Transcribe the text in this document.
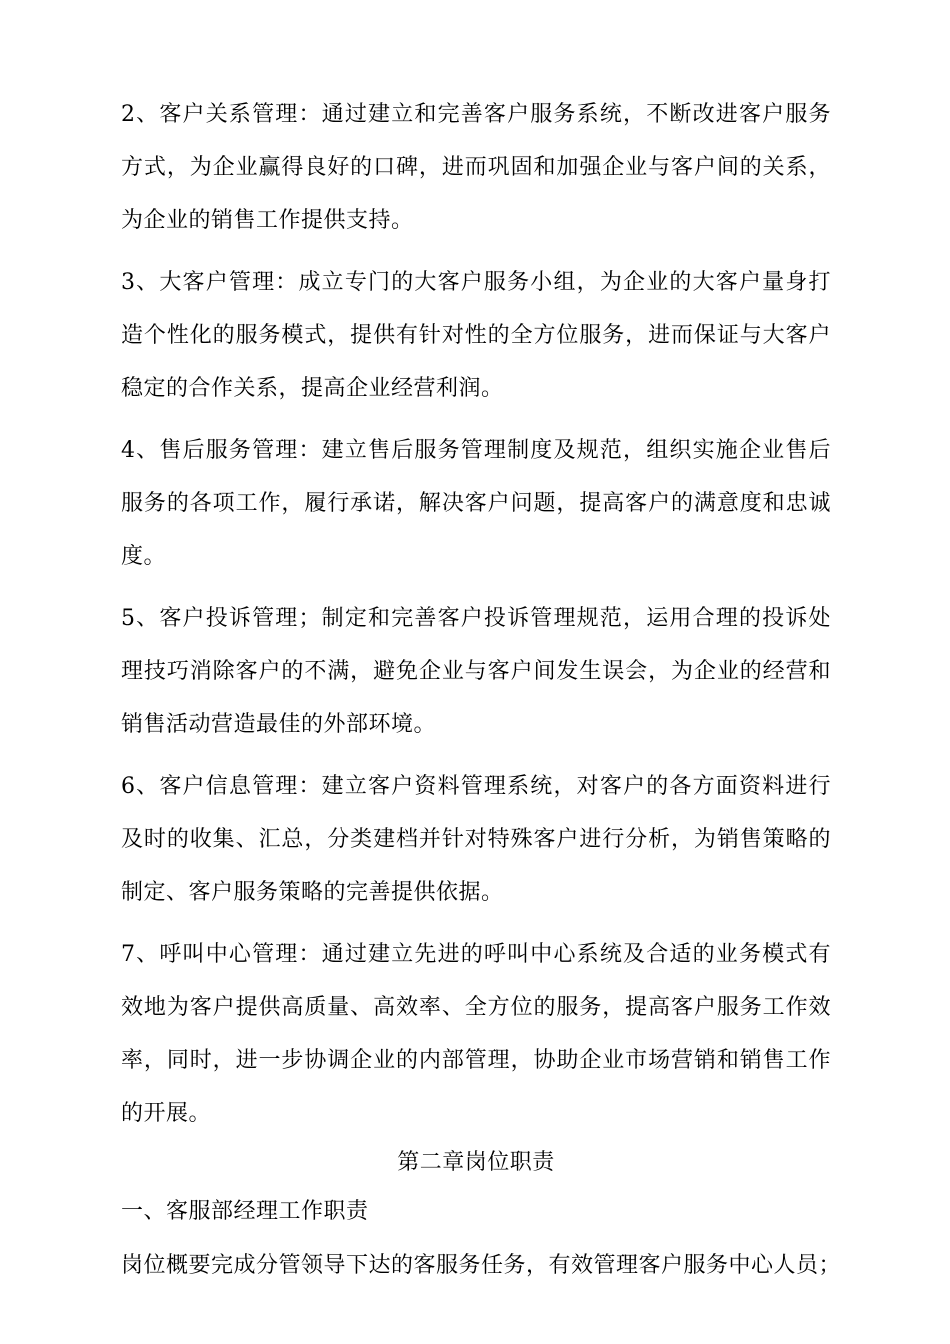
2、客户关系管理：通过建立和完善客户服务系统，不断改进客户服务方式，为企业赢得良好的口碑，进而巩固和加强企业与客户间的关系，为企业的销售工作提供支持。

3、大客户管理：成立专门的大客户服务小组，为企业的大客户量身打造个性化的服务模式，提供有针对性的全方位服务，进而保证与大客户稳定的合作关系，提高企业经营利润。

4、售后服务管理：建立售后服务管理制度及规范，组织实施企业售后服务的各项工作，履行承诺，解决客户问题，提高客户的满意度和忠诚度。

5、客户投诉管理；制定和完善客户投诉管理规范，运用合理的投诉处理技巧消除客户的不满，避免企业与客户间发生误会，为企业的经营和销售活动营造最佳的外部环境。

6、客户信息管理：建立客户资料管理系统，对客户的各方面资料进行及时的收集、汇总，分类建档并针对特殊客户进行分析，为销售策略的制定、客户服务策略的完善提供依据。

7、呼叫中心管理：通过建立先进的呼叫中心系统及合适的业务模式有效地为客户提供高质量、高效率、全方位的服务，提高客户服务工作效率，同时，进一步协调企业的内部管理，协助企业市场营销和销售工作的开展。

第二章岗位职责

一、客服部经理工作职责

岗位概要完成分管领导下达的客服务任务，有效管理客户服务中心人员；
